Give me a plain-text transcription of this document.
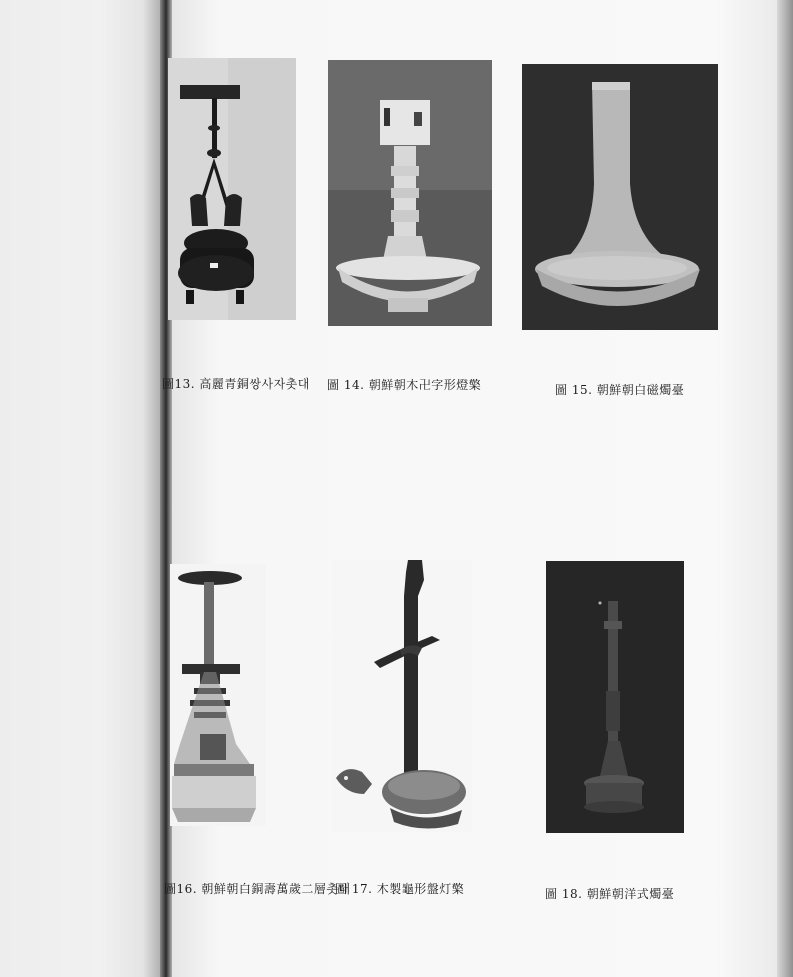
圖13. 高麗青銅쌍사자촛대 圖 14. 朝鮮朝木卍字形燈檠	圖 15. 朝鮮朝白磁燭臺
圖16. 朝鮮朝白銅壽萬歲二層촛대
圖 17. 木製龜形盤灯檠	圖 18. 朝鮮朝洋式燭臺
